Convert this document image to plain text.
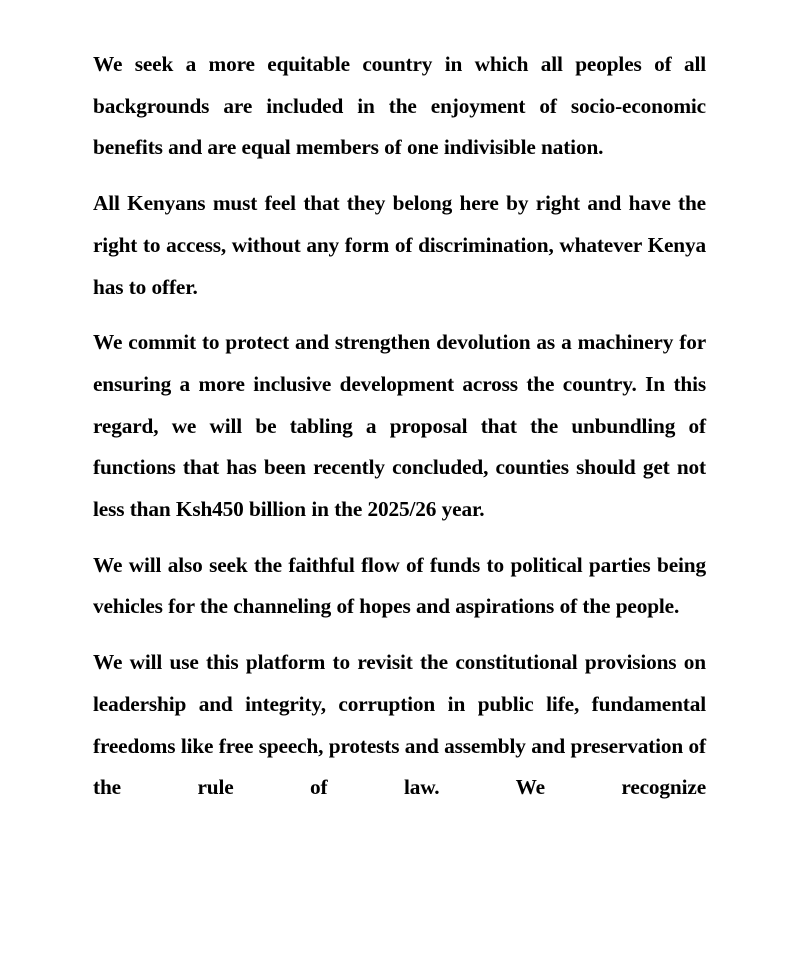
We seek a more equitable country in which all peoples of all backgrounds are included in the enjoyment of socio-economic benefits and are equal members of one indivisible nation.

All Kenyans must feel that they belong here by right and have the right to access, without any form of discrimination, whatever Kenya has to offer.

We commit to protect and strengthen devolution as a machinery for ensuring a more inclusive development across the country. In this regard, we will be tabling a proposal that the unbundling of functions that has been recently concluded, counties should get not less than Ksh450 billion in the 2025/26 year.

We will also seek the faithful flow of funds to political parties being vehicles for the channeling of hopes and aspirations of the people.

We will use this platform to revisit the constitutional provisions on leadership and integrity, corruption in public life, fundamental freedoms like free speech, protests and assembly and preservation of the rule of law. We recognize
